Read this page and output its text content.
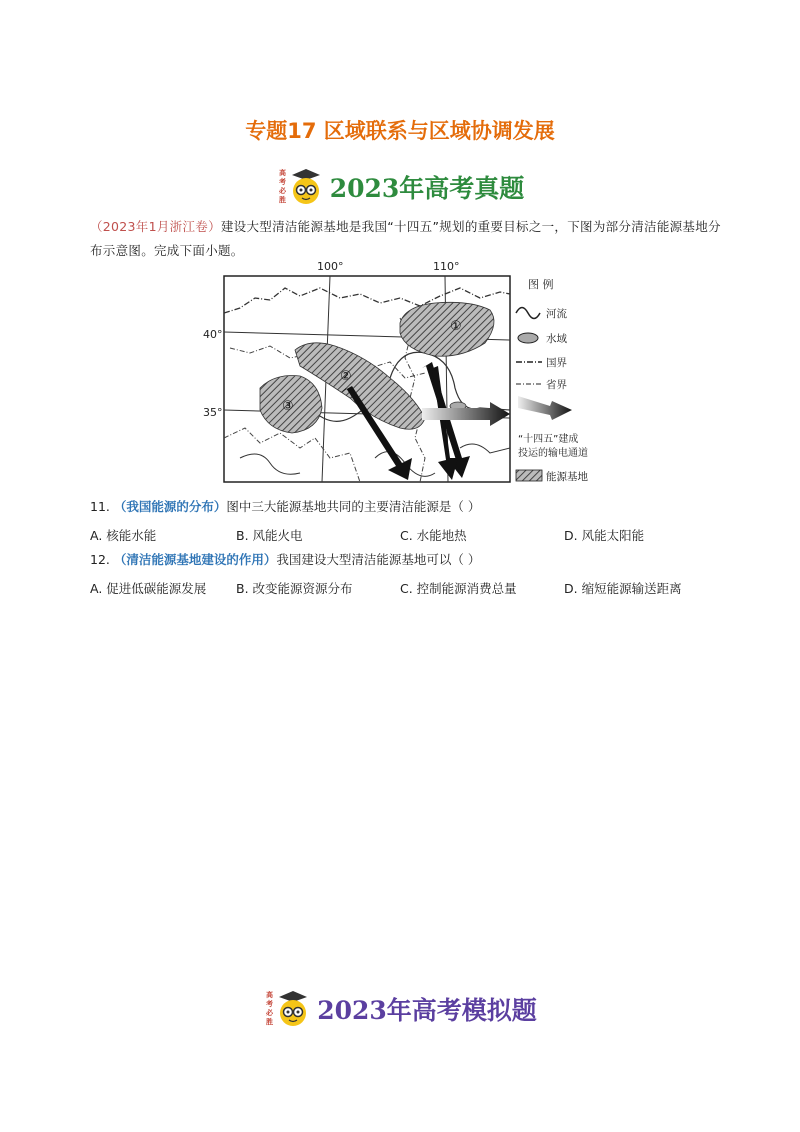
专题17 区域联系与区域协调发展
高
考
必
胜 2023年高考真题
（2023年1月浙江卷）建设大型清洁能源基地是我国“十四五”规划的重要目标之一，下图为部分清洁能源基地分布示意图。完成下面小题。
100°	110°
40°
35°
①
②
③
图 例
河流
水域
国界
省界
“十四五”建成
投运的输电通道
能源基地
11. （我国能源的分布）图中三大能源基地共同的主要清洁能源是（ ）
A. 核能水能	B. 风能火电	C. 水能地热	D. 风能太阳能
12. （清洁能源基地建设的作用）我国建设大型清洁能源基地可以（ ）
A. 促进低碳能源发展 B. 改变能源资源分布	C. 控制能源消费总量	D. 缩短能源输送距离
高
考
必
胜 2023年高考模拟题
